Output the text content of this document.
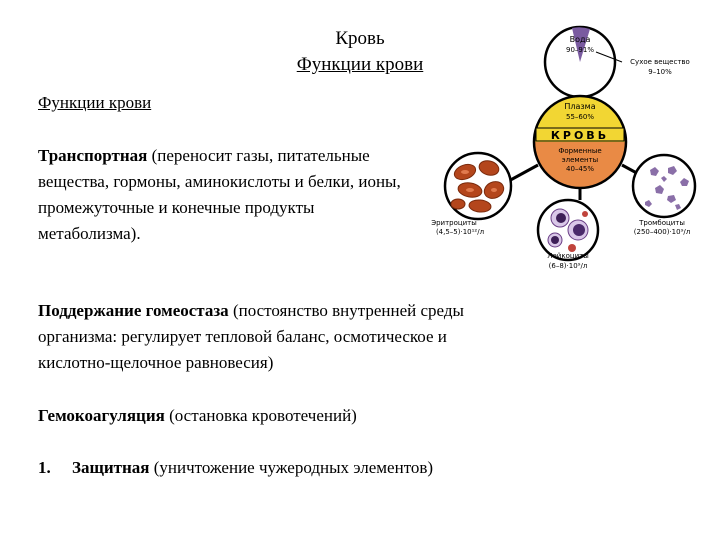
Кровь
Функции крови
Функции крови
Транспортная (переносит газы, питательные вещества, гормоны, аминокислоты и белки, ионы, промежуточные и конечные продукты метаболизма).
Поддержание гомеостаза (постоянство внутренней среды организма: регулирует тепловой баланс, осмотическое и кислотно-щелочное равновесия)
Гемокоагуляция (остановка кровотечений)
1. Защитная (уничтожение чужеродных элементов)
Вода
90–91%
Сухое вещество
9–10%
Плазма
55–60%
КРОВЬ
Форменные
элементы
40–45%
Эритроциты
(4,5–5)·10¹²/л
Лейкоциты
(6–8)·10⁹/л
Тромбоциты
(250–400)·10⁹/л
